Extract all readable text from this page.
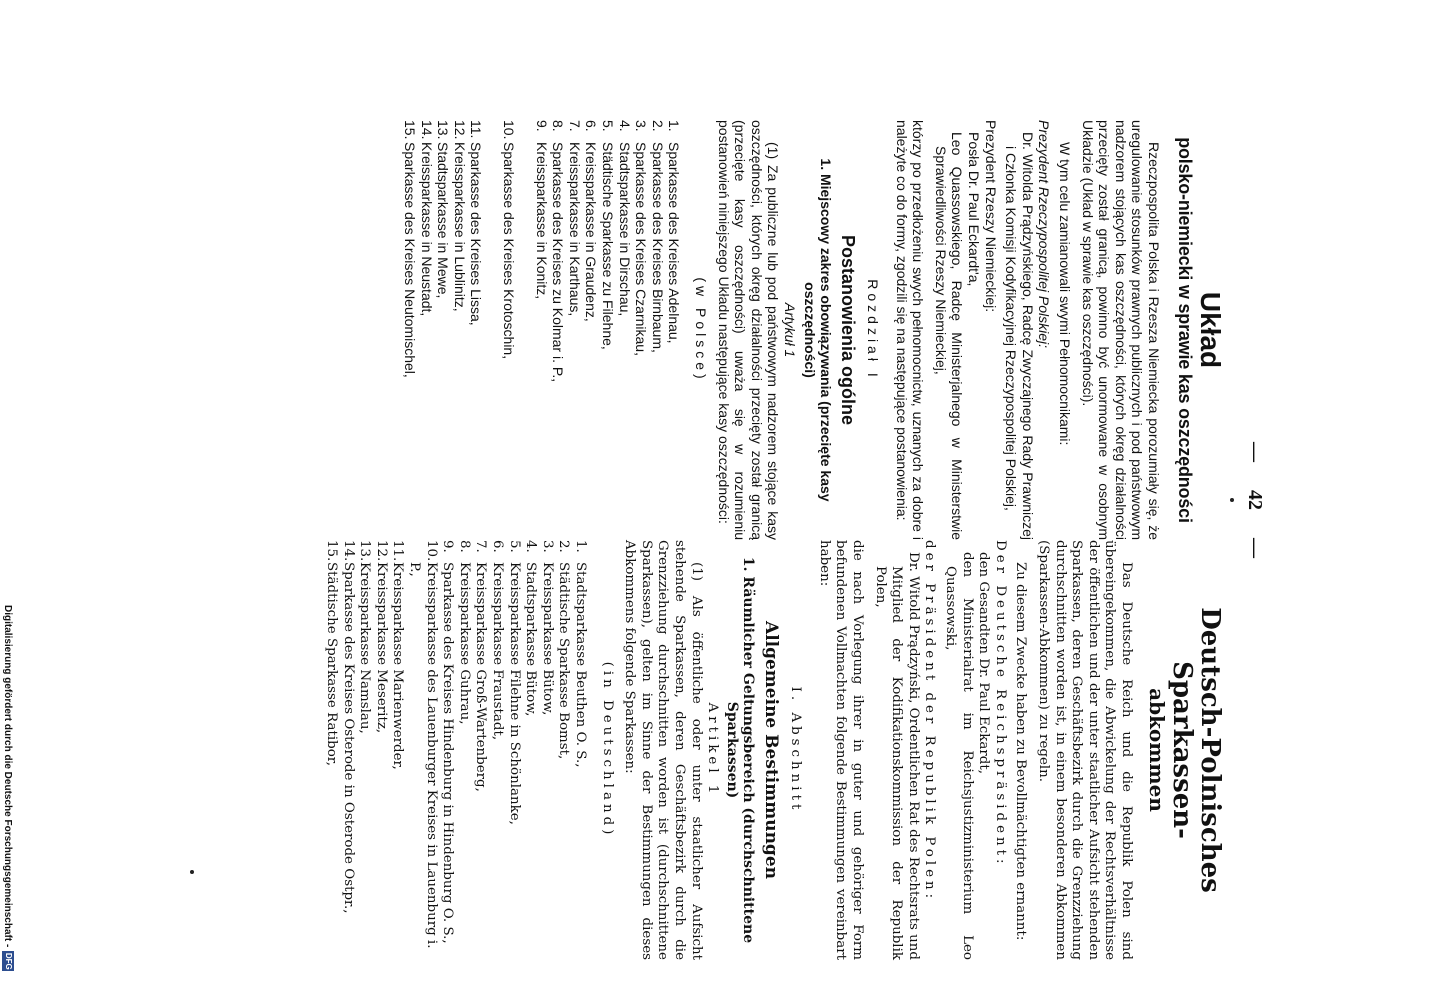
—42—
Układ
polsko-niemiecki w sprawie kas oszczędności

Rzeczpospolita Polska i Rzesza Niemiecka porozumiały się, że uregulowanie stosunków prawnych publicznych i pod państwowym nadzorem stojących kas oszczędności, których okręg działalności przecięty został granicą, powinno być unormowane w osobnym Układzie (Układ w sprawie kas oszczędności).

W tym celu zamianowali swymi Pełnomocnikami:

Prezydent Rzeczypospolitej Polskiej:

Dr. Witolda Prądzyńskiego, Radcę Zwyczajnego Rady Prawniczej i Członka Komisji Kodyfikacyjnej Rzeczypospolitej Polskiej,

Prezydent Rzeszy Niemieckiej:

Posła Dr. Paul Eckardt'a,

Leo Quassowskiego, Radcę Ministerjalnego w Ministerstwie Sprawiedliwości Rzeszy Niemieckiej,

którzy po przedłożeniu swych pełnomocnictw, uznanych za dobre i należyte co do formy, zgodzili się na następujące postanowienia:

Rozdział I
Postanowienia ogólne
1. Miejscowy zakres obowiązywania (przecięte kasy oszczędności)
Artykuł 1

(1) Za publiczne lub pod państwowym nadzorem stojące kasy oszczędności, których okręg działalności przecięty został granicą (przecięte kasy oszczędności) uważa się w rozumieniu postanowień niniejszego Układu następujące kasy oszczędności:

(w Polsce)
1.Sparkasse des Kreises Adelnau,
2.Sparkasse des Kreises Birnbaum,
3.Sparkasse des Kreises Czarnikau,
4.Stadtsparkasse in Dirschau,
5.Städtische Sparkasse zu Filehne,
6.Kreissparkasse in Graudenz,
7.Kreissparkasse in Karthaus,
8.Sparkasse des Kreises zu Kolmar i. P.,
9.Kreissparkasse in Konitz,
10.Sparkasse des Kreises Krotoschin,
11.Sparkasse des Kreises Lissa,
12.Kreissparkasse in Lublinitz,
13.Stadtsparkasse in Mewe,
14.Kreissparkasse in Neustadt,
15.Sparkasse des Kreises Neutomischel,
Deutsch-Polnisches Sparkassen-
abkommen

Das Deutsche Reich und die Republik Polen sind übereingekommen, die Abwickelung der Rechtsverhältnisse der öffentlichen und der unter staatlicher Aufsicht stehenden Sparkassen, deren Geschäftsbezirk durch die Grenzziehung durchschnitten worden ist, in einem besonderen Abkommen (Sparkassen-Abkommen) zu regeln.

Zu diesem Zwecke haben zu Bevollmächtigten ernannt:

Der Deutsche Reichspräsident:

den Gesandten Dr. Paul Eckardt,

den Ministerialrat im Reichsjustizministerium Leo Quassowski,

der Präsident der Republik Polen:

Dr. Witold Prądzyński, Ordentlichen Rat des Rechtsrats und Mitglied der Kodifikationskommission der Republik Polen,

die nach Vorlegung ihrer in guter und gehöriger Form befundenen Vollmachten folgende Bestimmungen vereinbart haben:

I. Abschnitt
Allgemeine Bestimmungen
1. Räumlicher Geltungsbereich (durchschnittene Sparkassen)
Artikel 1

(1) Als öffentliche oder unter staatlicher Aufsicht stehende Sparkassen, deren Geschäftsbezirk durch die Grenzziehung durchschnitten worden ist (durchschnittene Sparkassen), gelten im Sinne der Bestimmungen dieses Abkommens folgende Sparkassen:

(in Deutschland)
1.Stadtsparkasse Beuthen O. S.,
2.Städtische Sparkasse Bomst,
3.Kreissparkasse Bütow,
4.Stadtsparkasse Bütow,
5.Kreissparkasse Filehne in Schönlanke,
6.Kreissparkasse Fraustadt,
7.Kreissparkasse Groß-Wartenberg,
8.Kreissparkasse Guhrau,
9.Sparkasse des Kreises Hindenburg in Hindenburg O. S.,
10.Kreissparkasse des Lauenburger Kreises in Lauenburg i. P.,
11.Kreissparkasse Marienwerder,
12.Kreissparkasse Meseritz,
13.Kreissparkasse Namslau,
14.Sparkasse des Kreises Osterode in Osterode Ostpr.,
15.Städtische Sparkasse Ratibor,
Digitalisierung gefördert durch die Deutsche Forschungsgemeinschaft -DFG
